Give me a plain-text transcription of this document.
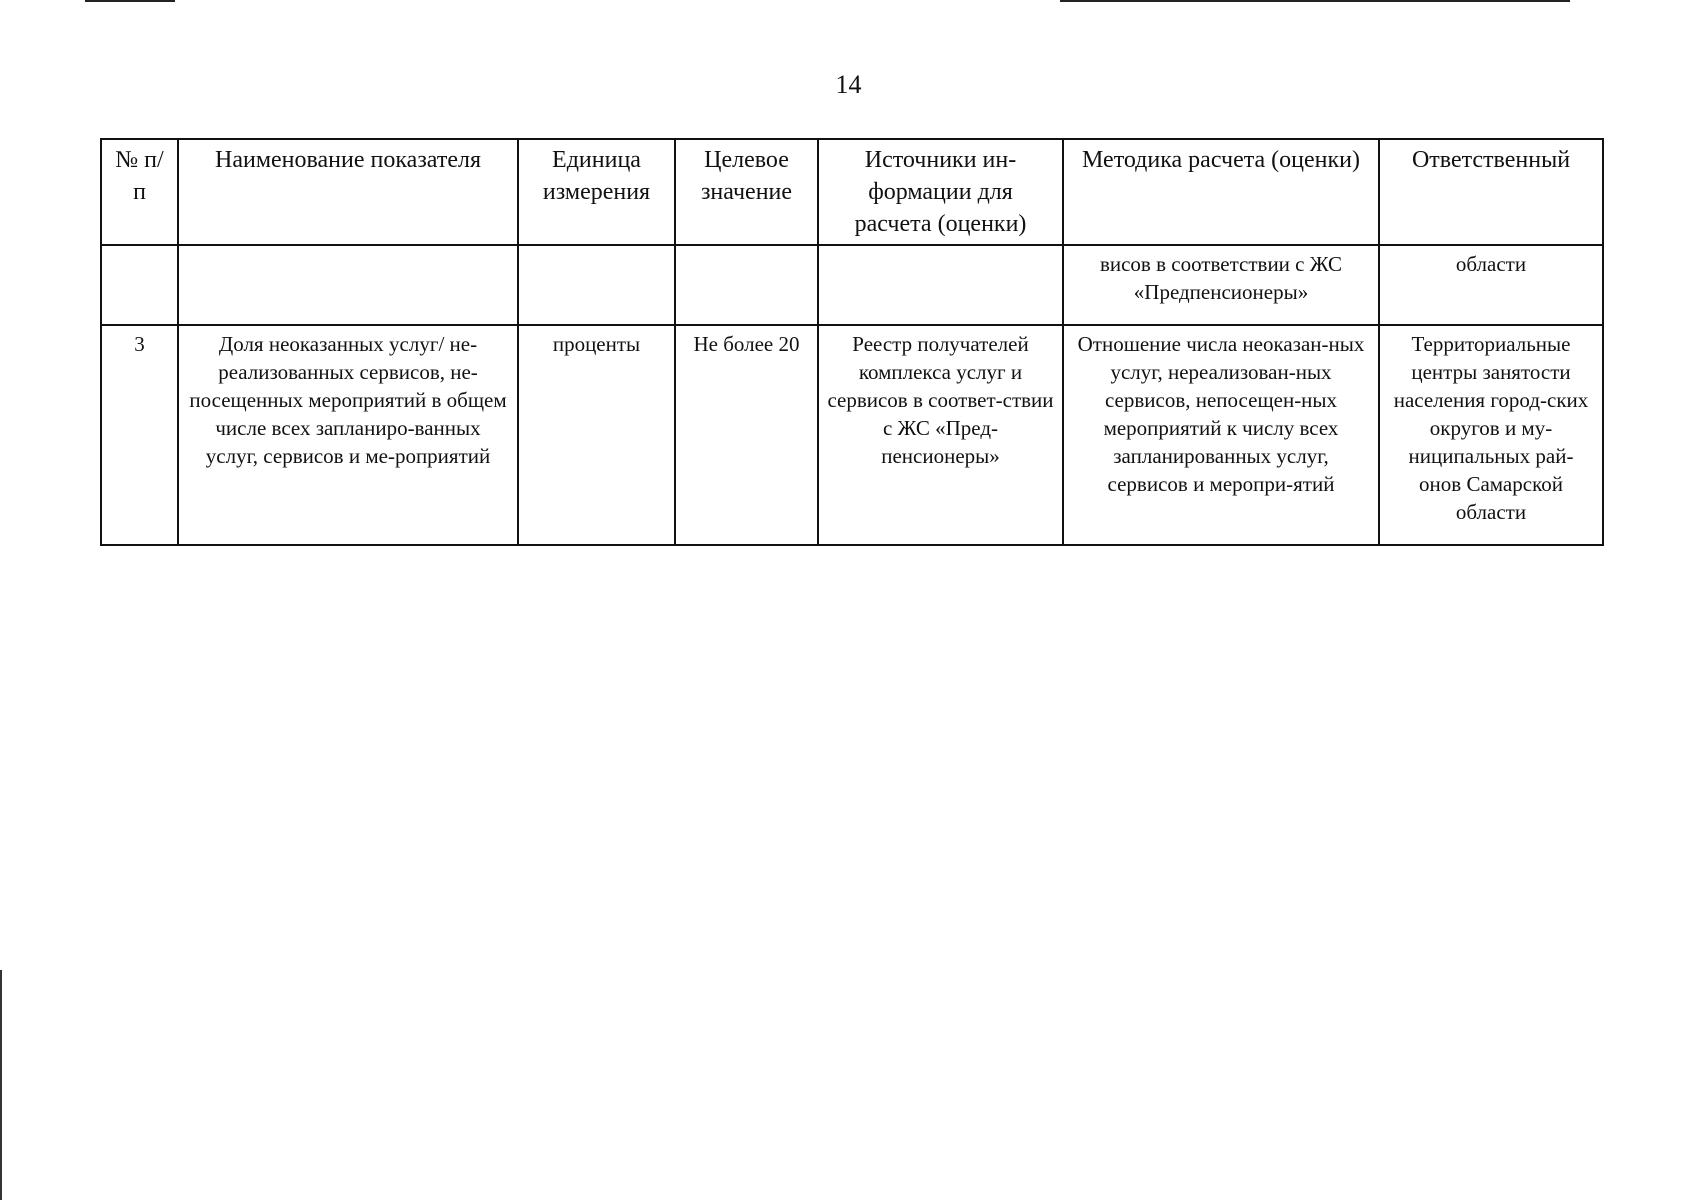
14
№ п/п	Наименование показателя	Единица измерения	Целевое значение	Источники ин-формации для расчета (оценки)	Методика расчета (оценки)	Ответственный
					висов в соответствии с ЖС «Предпенсионеры»	области
3	Доля неоказанных услуг/ не-реализованных сервисов, не-посещенных мероприятий в общем числе всех запланиро-ванных услуг, сервисов и ме-роприятий	проценты	Не более 20	Реестр получателей комплекса услуг и сервисов в соответ-ствии с ЖС «Пред-пенсионеры»	Отношение числа неоказан-ных услуг, нереализован-ных сервисов, непосещен-ных мероприятий к числу всех запланированных услуг, сервисов и меропри-ятий	Территориальные центры занятости населения город-ских округов и му-ниципальных рай-онов Самарской области
